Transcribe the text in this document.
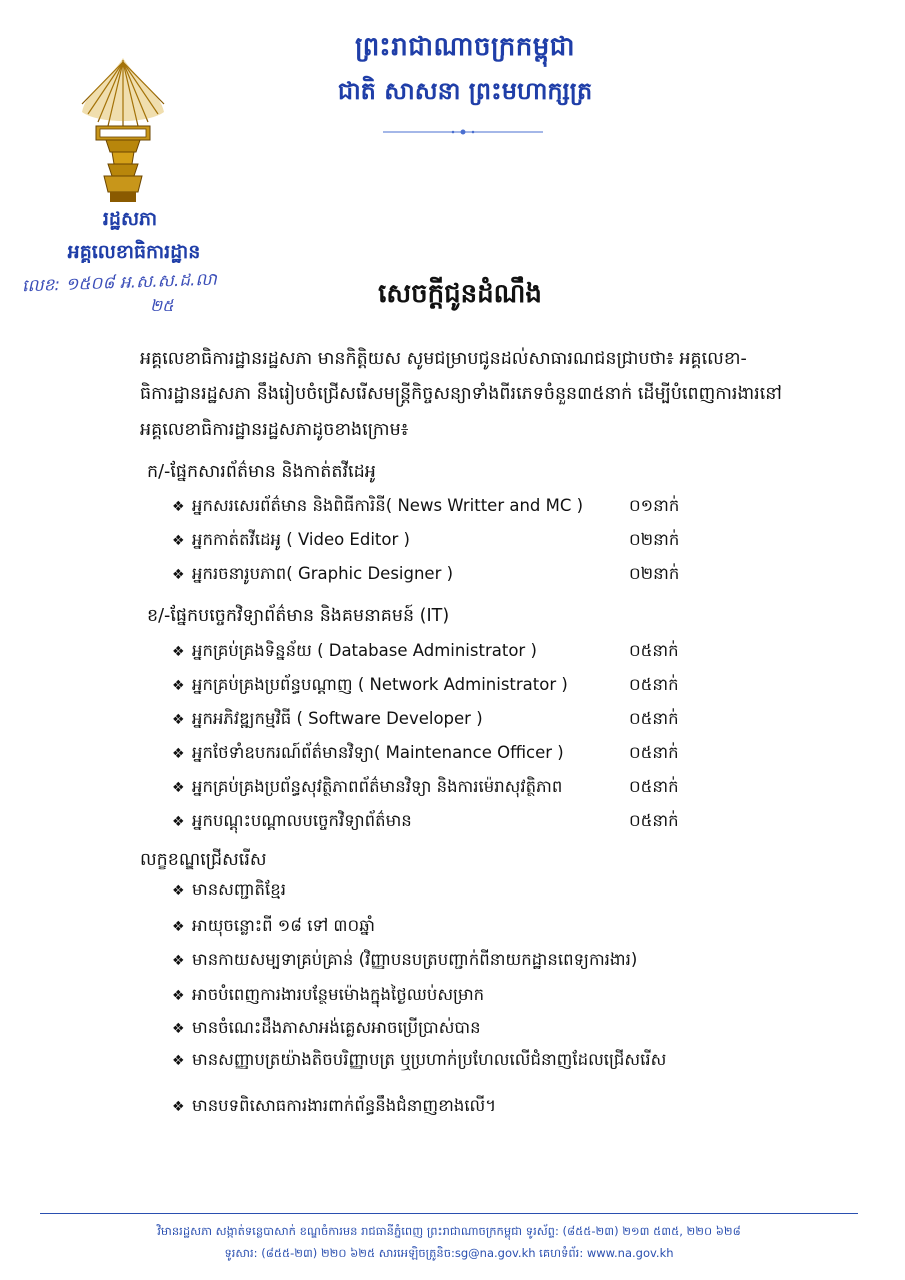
ព្រះរាជាណាចក្រកម្ពុជា
ជាតិ សាសនា ព្រះមហាក្សត្រ
រដ្ឋសភា
អគ្គលេខាធិការដ្ឋាន
លេខ: ១៥០៨ អ.ស.ស.ដ.លា
២៥	សេចក្តីជូនដំណឹង
អគ្គលេខាធិការដ្ឋានរដ្ឋសភា មានកិត្តិយស សូមជម្រាបជូនដល់សាធារណជនជ្រាបថា៖ អគ្គលេខា-
ធិការដ្ឋានរដ្ឋសភា នឹងរៀបចំជ្រើសរើសមន្ត្រីកិច្ចសន្យាទាំងពីរភេទចំនួន៣៥នាក់ ដើម្បីបំពេញការងារនៅ
អគ្គលេខាធិការដ្ឋានរដ្ឋសភាដូចខាងក្រោម៖
ក/-ផ្នែកសារព័ត៌មាន និងកាត់តវីដេអូ
❖ អ្នកសរសេរព័ត៌មាន និងពិធីការិនី( News Writter and MC )	០១នាក់
❖ អ្នកកាត់តវីដេអូ ( Video Editor )	០២នាក់
❖ អ្នករចនារូបភាព( Graphic Designer )	០២នាក់
ខ/-ផ្នែកបច្ចេកវិទ្យាព័ត៌មាន និងគមនាគមន៍ (IT)
❖ អ្នកគ្រប់គ្រងទិន្នន័យ ( Database Administrator )	០៥នាក់
❖ អ្នកគ្រប់គ្រងប្រព័ន្ធបណ្តាញ ( Network Administrator )	០៥នាក់
❖ អ្នកអភិវឌ្ឍកម្មវិធី ( Software Developer )	០៥នាក់
❖ អ្នកថែទាំឧបករណ៍ព័ត៌មានវិទ្យា( Maintenance Officer )	០៥នាក់
❖ អ្នកគ្រប់គ្រងប្រព័ន្ធសុវត្ថិភាពព័ត៌មានវិទ្យា និងការម៉េរាសុវត្ថិភាព	០៥នាក់
❖ អ្នកបណ្តុះបណ្តាលបច្ចេកវិទ្យាព័ត៌មាន	០៥នាក់
លក្ខខណ្ឌជ្រើសរើស
❖ មានសញ្ជាតិខ្មែរ
❖ អាយុចន្លោះពី ១៨ ទៅ ៣០ឆ្នាំ
❖ មានកាយសម្បទាគ្រប់គ្រាន់ (វិញ្ញាបនបត្របញ្ជាក់ពីនាយកដ្ឋានពេទ្យការងារ)
❖ អាចបំពេញការងារបន្ថែមម៉ោងក្នុងថ្ងៃឈប់សម្រាក
❖ មានចំណេះដឹងភាសាអង់គ្លេសអាចប្រើប្រាស់បាន
❖ មានសញ្ញាបត្រយ៉ាងតិចបរិញ្ញាបត្រ ឬប្រហាក់ប្រហែលលើជំនាញដែលជ្រើសរើស
❖ មានបទពិសោធការងារពាក់ព័ន្ធនឹងជំនាញខាងលើ។
វិមានរដ្ឋសភា សង្កាត់ទន្លេបាសាក់ ខណ្ឌចំការមន រាជធានីភ្នំពេញ ព្រះរាជាណាចក្រកម្ពុជា ទូរស័ព្ទ: (៨៥៥-២៣) ២១៣ ៥៣៥, ២២០ ៦២៨
ទូរសារ: (៨៥៥-២៣) ២២០ ៦២៥ សារអេឡិចត្រូនិច:sg@na.gov.kh គេហទំព័រ: www.na.gov.kh
